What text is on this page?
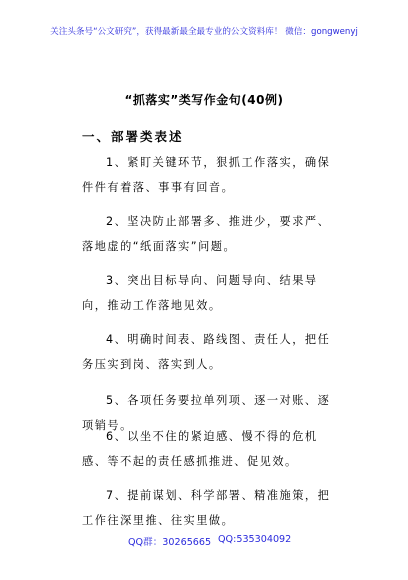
关注头条号“公文研究”，获得最新最全最专业的公文资料库！ 微信：gongwenyj
“抓落实”类写作金句(40例)
一、部署类表述
1、紧盯关键环节，狠抓工作落实，确保件件有着落、事事有回音。
2、坚决防止部署多、推进少，要求严、落地虚的“纸面落实”问题。
3、突出目标导向、问题导向、结果导向，推动工作落地见效。
4、明确时间表、路线图、责任人，把任务压实到岗、落实到人。
5、各项任务要拉单列项、逐一对账、逐项销号。
6、以坐不住的紧迫感、慢不得的危机感、等不起的责任感抓推进、促见效。
7、提前谋划、科学部署、精准施策，把工作往深里推、往实里做。
QQ群：30265665 QQ:535304092
